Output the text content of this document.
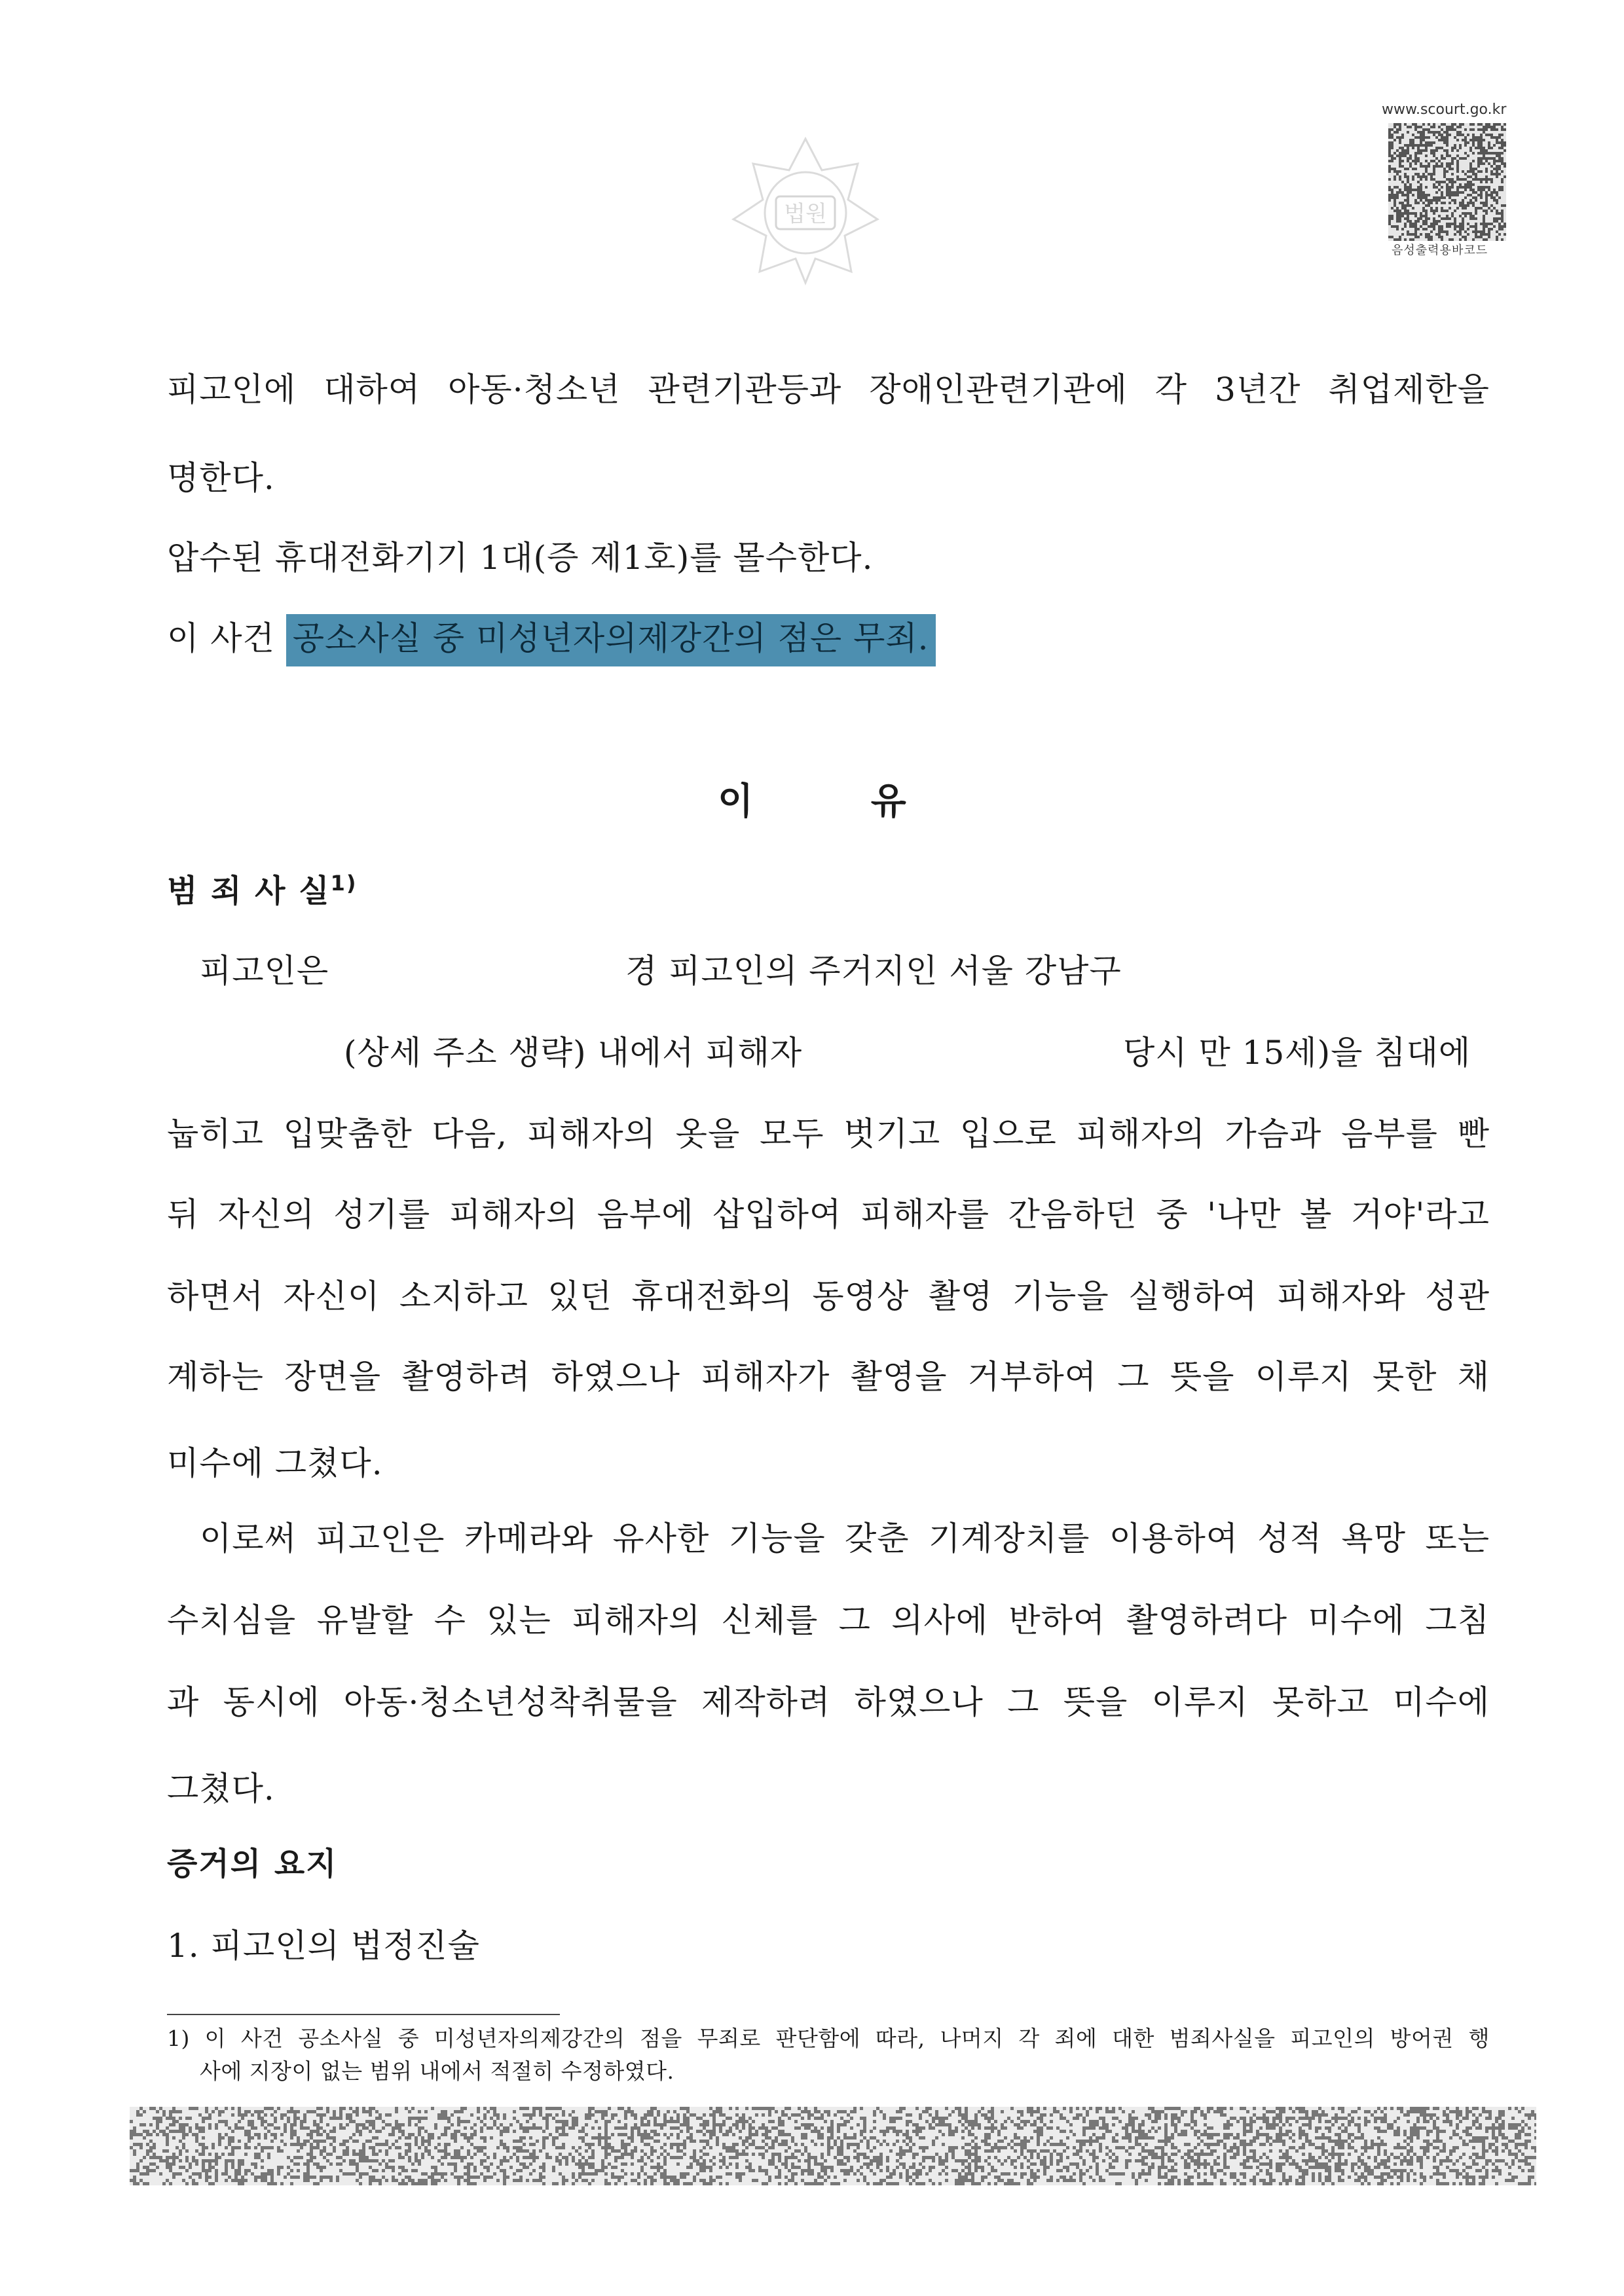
법원
www.scourt.go.kr
음성출력용바코드
피고인에 대하여 아동·청소년 관련기관등과 장애인관련기관에 각 3년간 취업제한을
명한다.
압수된 휴대전화기기 1대(증 제1호)를 몰수한다.
이 사건 공소사실 중 미성년자의제강간의 점은 무죄.
이 유
범 죄 사 실$^{1)}$
피고인은	경 피고인의 주거지인 서울 강남구
(상세 주소 생략) 내에서 피해자	당시 만 15세)을 침대에
눕히고 입맞춤한 다음, 피해자의 옷을 모두 벗기고 입으로 피해자의 가슴과 음부를 빤
뒤 자신의 성기를 피해자의 음부에 삽입하여 피해자를 간음하던 중 '나만 볼 거야'라고
하면서 자신이 소지하고 있던 휴대전화의 동영상 촬영 기능을 실행하여 피해자와 성관
계하는 장면을 촬영하려 하였으나 피해자가 촬영을 거부하여 그 뜻을 이루지 못한 채
미수에 그쳤다.
이로써 피고인은 카메라와 유사한 기능을 갖춘 기계장치를 이용하여 성적 욕망 또는
수치심을 유발할 수 있는 피해자의 신체를 그 의사에 반하여 촬영하려다 미수에 그침
과 동시에 아동·청소년성착취물을 제작하려 하였으나 그 뜻을 이루지 못하고 미수에
그쳤다.
증거의 요지
1. 피고인의 법정진술
1) 이 사건 공소사실 중 미성년자의제강간의 점을 무죄로 판단함에 따라, 나머지 각 죄에 대한 범죄사실을 피고인의 방어권 행
사에 지장이 없는 범위 내에서 적절히 수정하였다.
